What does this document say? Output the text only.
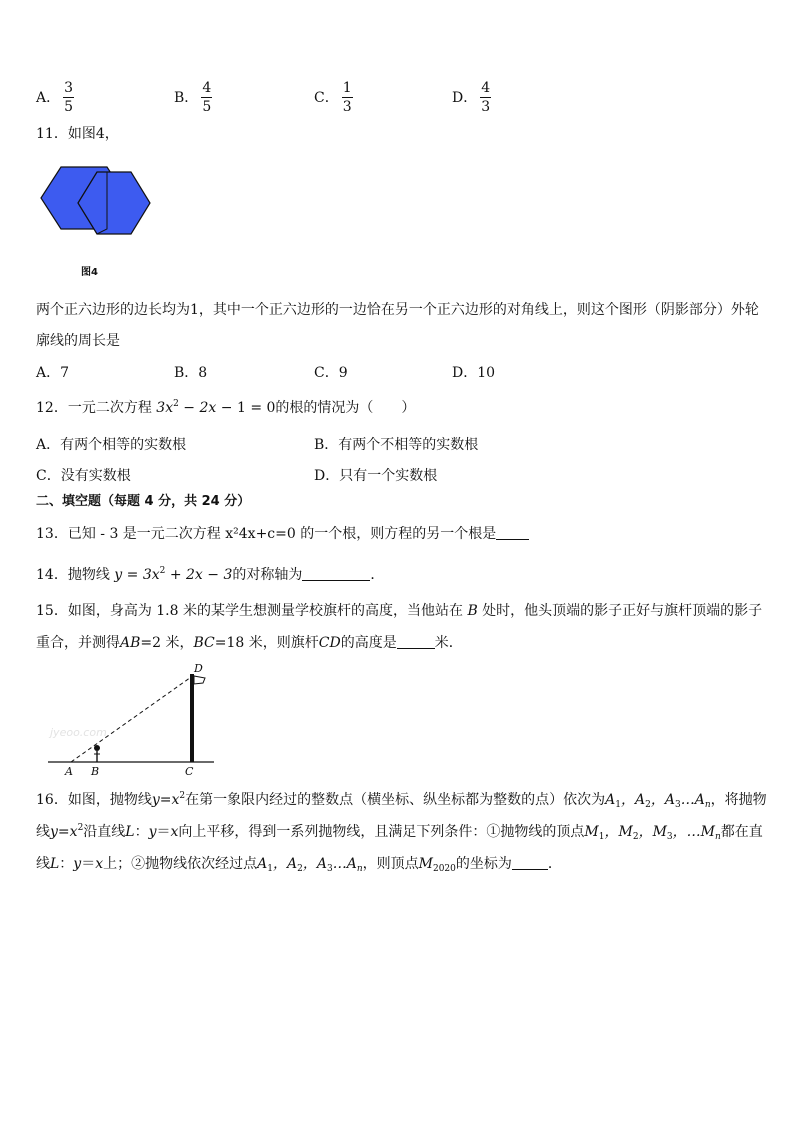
A． $\frac{3}{5}$	B． $\frac{4}{5}$	C． $\frac{1}{3}$	D． $\frac{4}{3}$
11．如图4，
图4
两个正六边形的边长均为1，其中一个正六边形的一边恰在另一个正六边形的对角线上，则这个图形（阴影部分）外轮
廓线的周长是
A．7	B．8	C．9	D．10
12．一元二次方程 $3x^2 - 2x - 1 = 0$的根的情况为（　　）
A．有两个相等的实数根	B．有两个不相等的实数根
C．没有实数根	D．只有一个实数根
二、填空题（每题 4 分，共 24 分）
13．已知 - 3 是一元二次方程 x²4x+c=0 的一个根，则方程的另一个根是
14．抛物线 $y = 3x^2 + 2x - 3$的对称轴为	．
15．如图，身高为 1.8 米的某学生想测量学校旗杆的高度，当他站在 B 处时，他头顶端的影子正好与旗杆顶端的影子
重合，并测得AB=2 米，BC=18 米，则旗杆CD的高度是	米．
jyeoo.com
A B	C
D
16．如图，抛物线$y=x^2$在第一象限内经过的整数点（横坐标、纵坐标都为整数的点）依次为$A_1$，$A_2$，$A_3\dots A_n$，将抛物
线$y=x^2$沿直线L：y＝x向上平移，得到一系列抛物线，且满足下列条件：①抛物线的顶点$M_1$，$M_2$，$M_3$，$\dots M_n$都在直
线L：y＝x上；②抛物线依次经过点$A_1$，$A_2$，$A_3\dots A_n$，则顶点$M_{2020}$的坐标为	．
